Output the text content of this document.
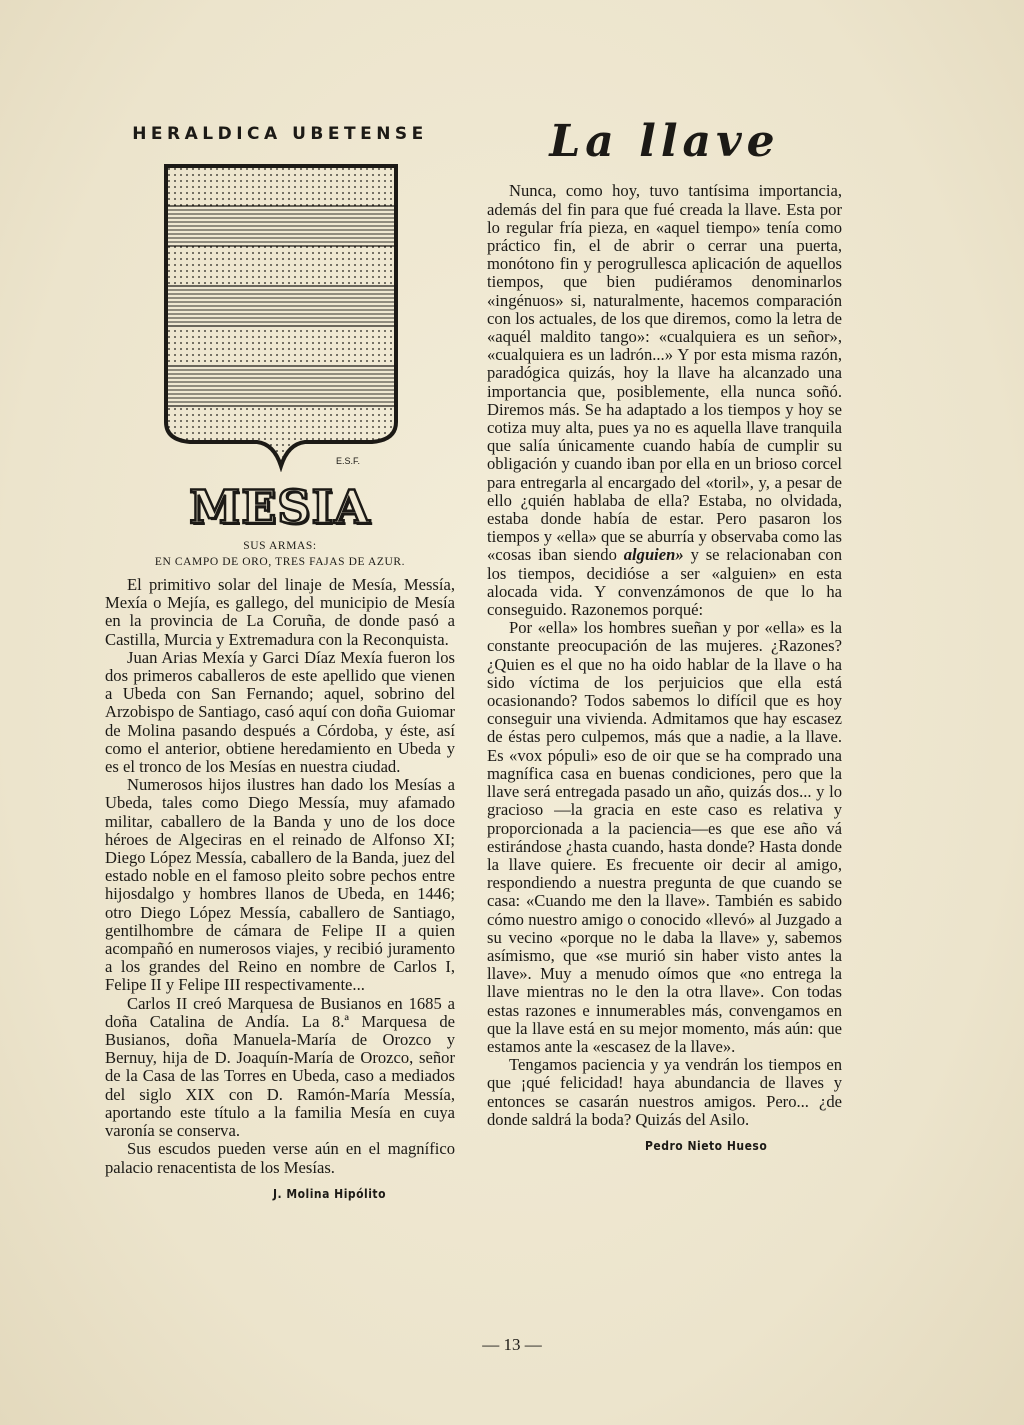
HERALDICA UBETENSE
E.S.F.
MESIA
SUS ARMAS:
EN CAMPO DE ORO, TRES FAJAS DE AZUR.

El primitivo solar del linaje de Mesía, Messía, Mexía o Mejía, es gallego, del municipio de Mesía en la provincia de La Coruña, de donde pasó a Castilla, Murcia y Extremadura con la Reconquista.

Juan Arias Mexía y Garci Díaz Mexía fueron los dos primeros caballeros de este apellido que vienen a Ubeda con San Fernando; aquel, sobrino del Arzobispo de Santiago, casó aquí con doña Guiomar de Molina pasando después a Córdoba, y éste, así como el anterior, obtiene heredamiento en Ubeda y es el tronco de los Mesías en nuestra ciudad.

Numerosos hijos ilustres han dado los Mesías a Ubeda, tales como Diego Messía, muy afamado militar, caballero de la Banda y uno de los doce héroes de Algeciras en el reinado de Alfonso XI; Diego López Messía, caballero de la Banda, juez del estado noble en el famoso pleito sobre pechos entre hijosdalgo y hombres llanos de Ubeda, en 1446; otro Diego López Messía, caballero de Santiago, gentilhombre de cámara de Felipe II a quien acompañó en numerosos viajes, y recibió juramento a los grandes del Reino en nombre de Carlos I, Felipe II y Felipe III respectivamente...

Carlos II creó Marquesa de Busianos en 1685 a doña Catalina de Andía. La 8.ª Marquesa de Busianos, doña Manuela-María de Orozco y Bernuy, hija de D. Joaquín-María de Orozco, señor de la Casa de las Torres en Ubeda, caso a mediados del siglo XIX con D. Ramón-María Messía, aportando este título a la familia Mesía en cuya varonía se conserva.

Sus escudos pueden verse aún en el magnífico palacio renacentista de los Mesías.

J. Molina Hipólito
La llave

Nunca, como hoy, tuvo tantísima importancia, además del fin para que fué creada la llave. Esta por lo regular fría pieza, en «aquel tiempo» tenía como práctico fin, el de abrir o cerrar una puerta, monótono fin y perogrullesca aplicación de aquellos tiempos, que bien pudiéramos denominarlos «ingénuos» si, naturalmente, hacemos comparación con los actuales, de los que diremos, como la letra de «aquél maldito tango»: «cualquiera es un señor», «cualquiera es un ladrón...» Y por esta misma razón, paradógica quizás, hoy la llave ha alcanzado una importancia que, posiblemente, ella nunca soñó. Diremos más. Se ha adaptado a los tiempos y hoy se cotiza muy alta, pues ya no es aquella llave tranquila que salía únicamente cuando había de cumplir su obligación y cuando iban por ella en un brioso corcel para entregarla al encargado del «toril», y, a pesar de ello ¿quién hablaba de ella? Estaba, no olvidada, estaba donde había de estar. Pero pasaron los tiempos y «ella» que se aburría y observaba como las «cosas iban siendo alguien» y se relacionaban con los tiempos, decidióse a ser «alguien» en esta alocada vida. Y convenzámonos de que lo ha conseguido. Razonemos porqué:

Por «ella» los hombres sueñan y por «ella» es la constante preocupación de las mujeres. ¿Razones? ¿Quien es el que no ha oido hablar de la llave o ha sido víctima de los perjuicios que ella está ocasionando? Todos sabemos lo difícil que es hoy conseguir una vivienda. Admitamos que hay escasez de éstas pero culpemos, más que a nadie, a la llave. Es «vox pópuli» eso de oir que se ha comprado una magnífica casa en buenas condiciones, pero que la llave será entregada pasado un año, quizás dos... y lo gracioso —la gracia en este caso es relativa y proporcionada a la paciencia—es que ese año vá estirándose ¿hasta cuando, hasta donde? Hasta donde la llave quiere. Es frecuente oir decir al amigo, respondiendo a nuestra pregunta de que cuando se casa: «Cuando me den la llave». También es sabido cómo nuestro amigo o conocido «llevó» al Juzgado a su vecino «porque no le daba la llave» y, sabemos asímismo, que «se murió sin haber visto antes la llave». Muy a menudo oímos que «no entrega la llave mientras no le den la otra llave». Con todas estas razones e innumerables más, convengamos en que la llave está en su mejor momento, más aún: que estamos ante la «escasez de la llave».

Tengamos paciencia y ya vendrán los tiempos en que ¡qué felicidad! haya abundancia de llaves y entonces se casarán nuestros amigos. Pero... ¿de donde saldrá la boda? Quizás del Asilo.

Pedro Nieto Hueso
— 13 —
